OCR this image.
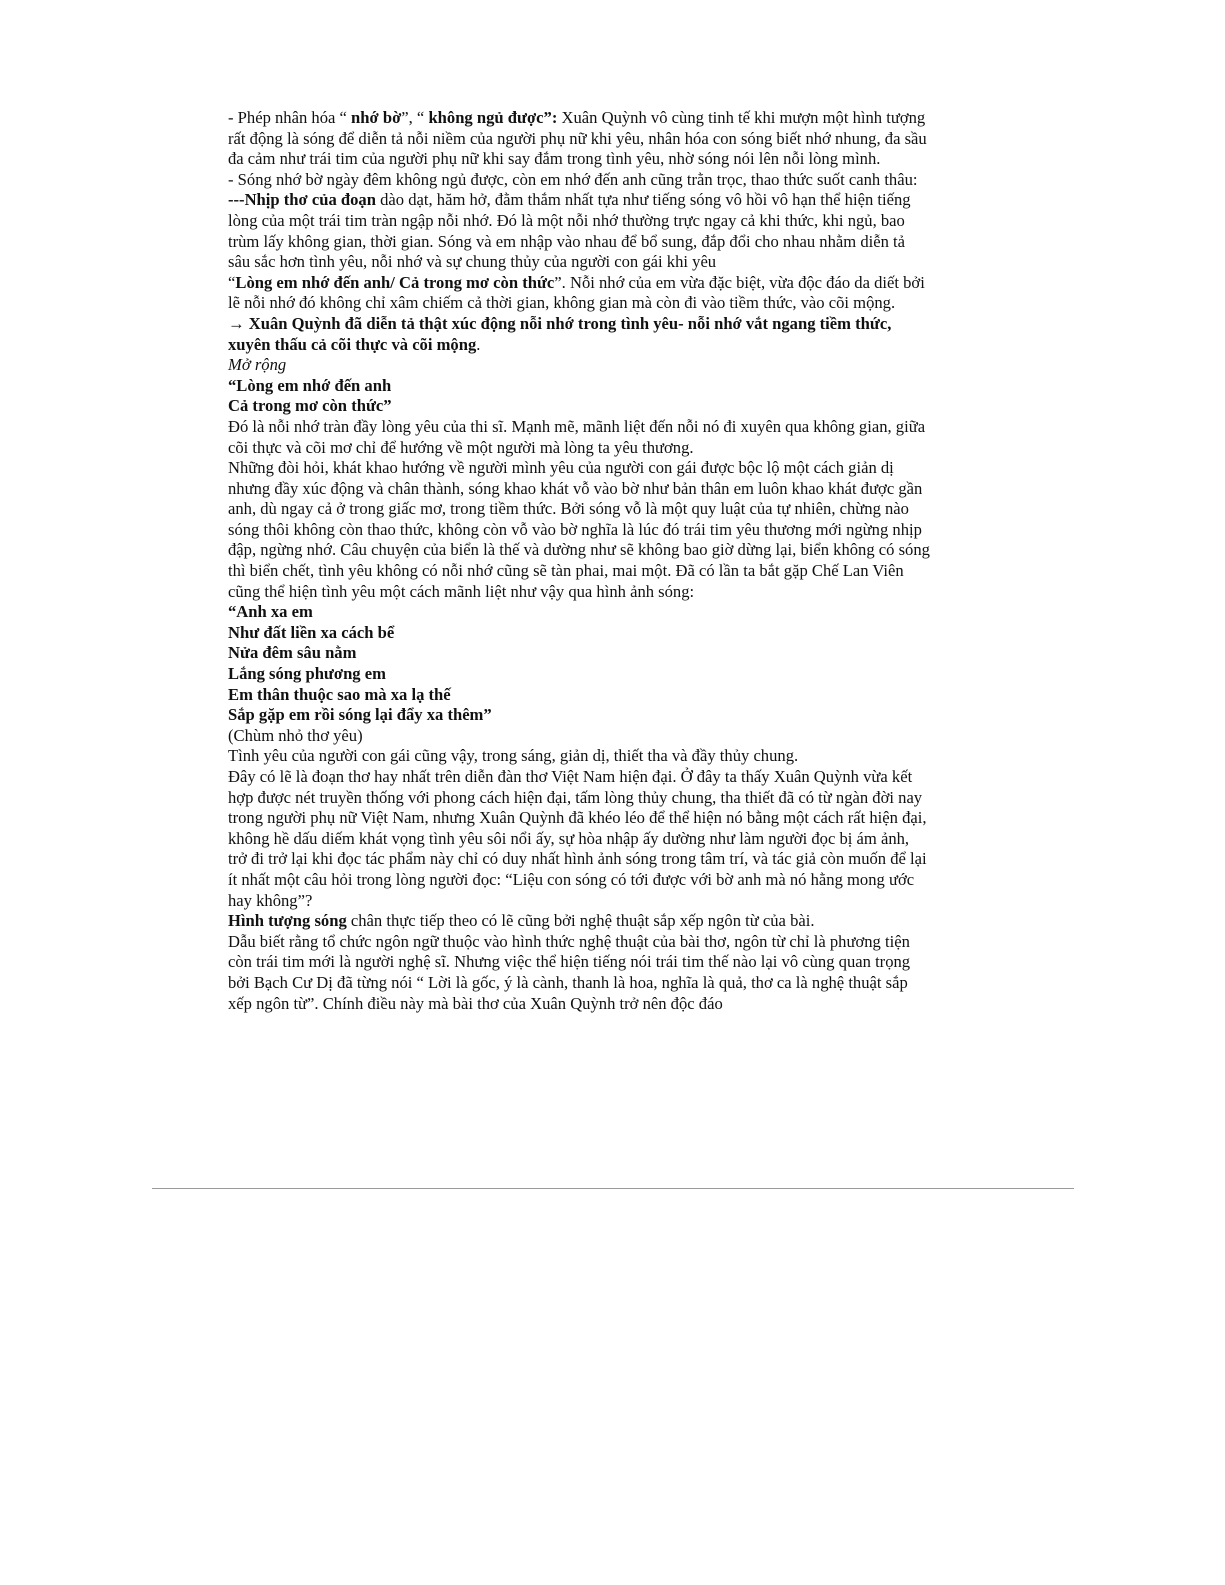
- Phép nhân hóa “ nhớ bờ”, “ không ngủ được”: Xuân Quỳnh vô cùng tinh tế khi mượn một hình tượng
rất động là sóng để diễn tả nỗi niềm của người phụ nữ khi yêu, nhân hóa con sóng biết nhớ nhung, đa sầu
đa cảm như trái tim của người phụ nữ khi say đắm trong tình yêu, nhờ sóng nói lên nỗi lòng mình.
- Sóng nhớ bờ ngày đêm không ngủ được, còn em nhớ đến anh cũng trằn trọc, thao thức suốt canh thâu:
---Nhịp thơ của đoạn dào dạt, hăm hở, đằm thắm nhất tựa như tiếng sóng vô hồi vô hạn thể hiện tiếng
lòng của một trái tim tràn ngập nỗi nhớ. Đó là một nỗi nhớ thường trực ngay cả khi thức, khi ngủ, bao
trùm lấy không gian, thời gian. Sóng và em nhập vào nhau để bổ sung, đắp đổi cho nhau nhằm diễn tả
sâu sắc hơn tình yêu, nỗi nhớ và sự chung thủy của người con gái khi yêu
“Lòng em nhớ đến anh/ Cả trong mơ còn thức”. Nỗi nhớ của em vừa đặc biệt, vừa độc đáo da diết bởi
lẽ nỗi nhớ đó không chỉ xâm chiếm cả thời gian, không gian mà còn đi vào tiềm thức, vào cõi mộng.
→ Xuân Quỳnh đã diễn tả thật xúc động nỗi nhớ trong tình yêu- nỗi nhớ vắt ngang tiềm thức,
xuyên thấu cả cõi thực và cõi mộng.
Mở rộng
“Lòng em nhớ đến anh
Cả trong mơ còn thức”
Đó là nỗi nhớ tràn đầy lòng yêu của thi sĩ. Mạnh mẽ, mãnh liệt đến nỗi nó đi xuyên qua không gian, giữa
cõi thực và cõi mơ chỉ để hướng về một người mà lòng ta yêu thương.
Những đòi hỏi, khát khao hướng về người mình yêu của người con gái được bộc lộ một cách giản dị
nhưng đầy xúc động và chân thành, sóng khao khát vỗ vào bờ như bản thân em luôn khao khát được gần
anh, dù ngay cả ở trong giấc mơ, trong tiềm thức. Bởi sóng vỗ là một quy luật của tự nhiên, chừng nào
sóng thôi không còn thao thức, không còn vỗ vào bờ nghĩa là lúc đó trái tim yêu thương mới ngừng nhịp
đập, ngừng nhớ. Câu chuyện của biển là thế và dường như sẽ không bao giờ dừng lại, biển không có sóng
thì biển chết, tình yêu không có nỗi nhớ cũng sẽ tàn phai, mai một. Đã có lần ta bắt gặp Chế Lan Viên
cũng thể hiện tình yêu một cách mãnh liệt như vậy qua hình ảnh sóng:
“Anh xa em
Như đất liền xa cách bể
Nửa đêm sâu nằm
Lắng sóng phương em
Em thân thuộc sao mà xa lạ thế
Sắp gặp em rồi sóng lại đẩy xa thêm”
(Chùm nhỏ thơ yêu)
Tình yêu của người con gái cũng vậy, trong sáng, giản dị, thiết tha và đầy thủy chung.
Đây có lẽ là đoạn thơ hay nhất trên diễn đàn thơ Việt Nam hiện đại. Ở đây ta thấy Xuân Quỳnh vừa kết
hợp được nét truyền thống với phong cách hiện đại, tấm lòng thủy chung, tha thiết đã có từ ngàn đời nay
trong người phụ nữ Việt Nam, nhưng Xuân Quỳnh đã khéo léo để thể hiện nó bằng một cách rất hiện đại,
không hề dấu diếm khát vọng tình yêu sôi nổi ấy, sự hòa nhập ấy dường như làm người đọc bị ám ảnh,
trở đi trở lại khi đọc tác phẩm này chỉ có duy nhất hình ảnh sóng trong tâm trí, và tác giả còn muốn để lại
ít nhất một câu hỏi trong lòng người đọc: “Liệu con sóng có tới được với bờ anh mà nó hằng mong ước
hay không”?
Hình tượng sóng chân thực tiếp theo có lẽ cũng bởi nghệ thuật sắp xếp ngôn từ của bài.
Dẫu biết rằng tổ chức ngôn ngữ thuộc vào hình thức nghệ thuật của bài thơ, ngôn từ chỉ là phương tiện
còn trái tim mới là người nghệ sĩ. Nhưng việc thể hiện tiếng nói trái tim thế nào lại vô cùng quan trọng
bởi Bạch Cư Dị đã từng nói “ Lời là gốc, ý là cành, thanh là hoa, nghĩa là quả, thơ ca là nghệ thuật sắp
xếp ngôn từ”. Chính điều này mà bài thơ của Xuân Quỳnh trở nên độc đáo
